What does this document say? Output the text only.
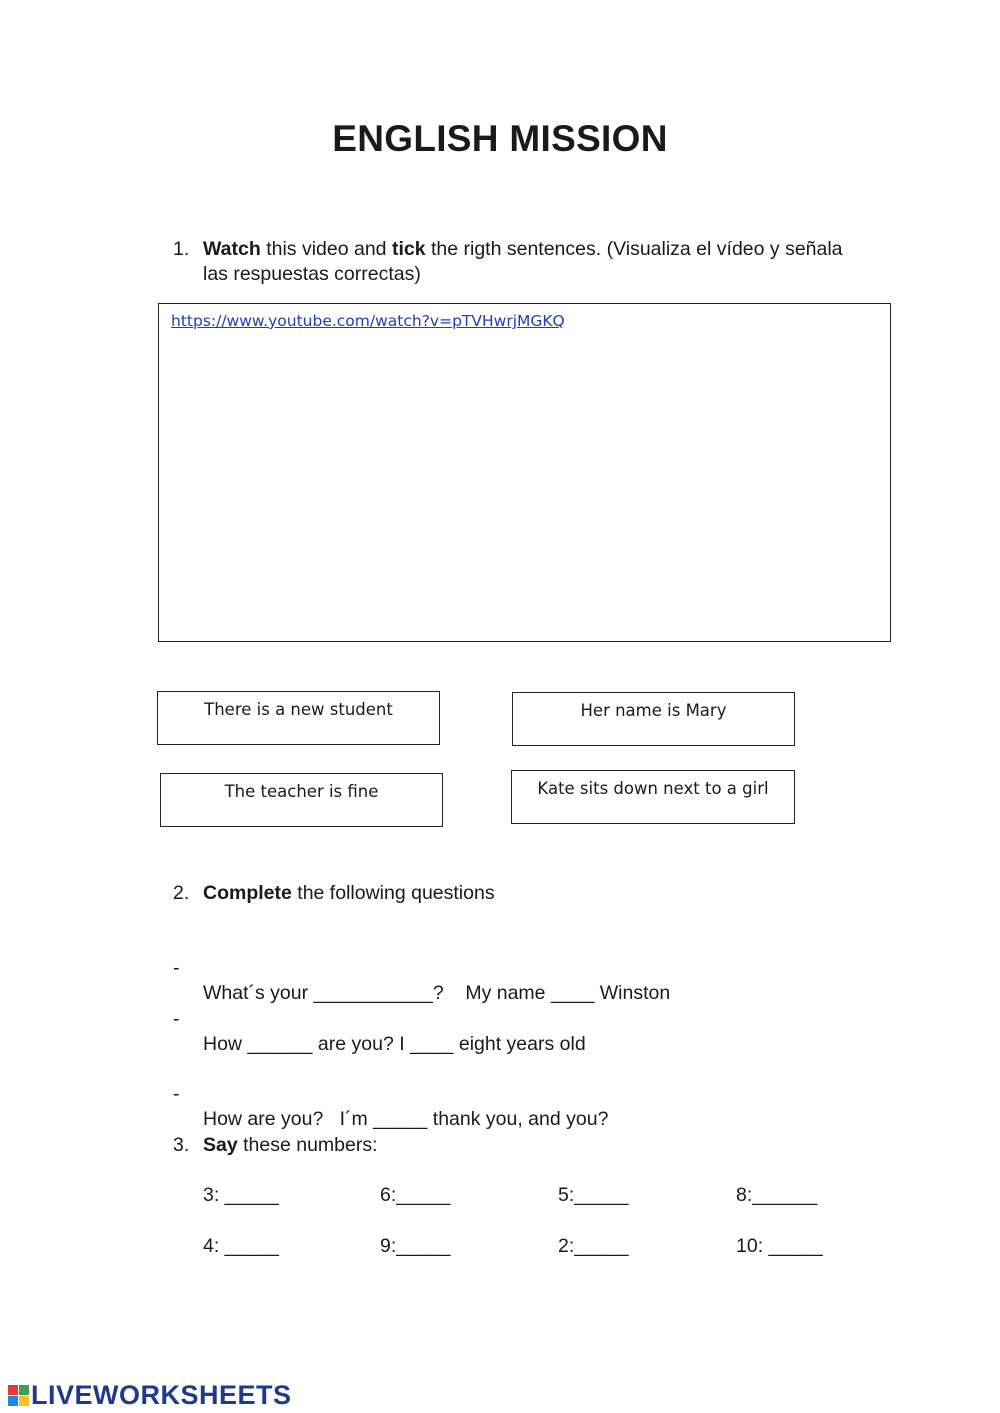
ENGLISH MISSION
1. Watch this video and tick the rigth sentences. (Visualiza el vídeo y señala
las respuestas correctas)
https://www.youtube.com/watch?v=pTVHwrjMGKQ
There is a new student	Her name is Mary
The teacher is fine	Kate sits down next to a girl
2. Complete the following questions

-

What´s your ___________?    My name ____ Winston

-

How ______ are you? I ____ eight years old

-

How are you?   I´m _____ thank you, and you?

3. Say these numbers:
3: _____	6:_____	5:_____	8:______
4: _____	9:_____	2:_____	10: _____
LIVEWORKSHEETS
